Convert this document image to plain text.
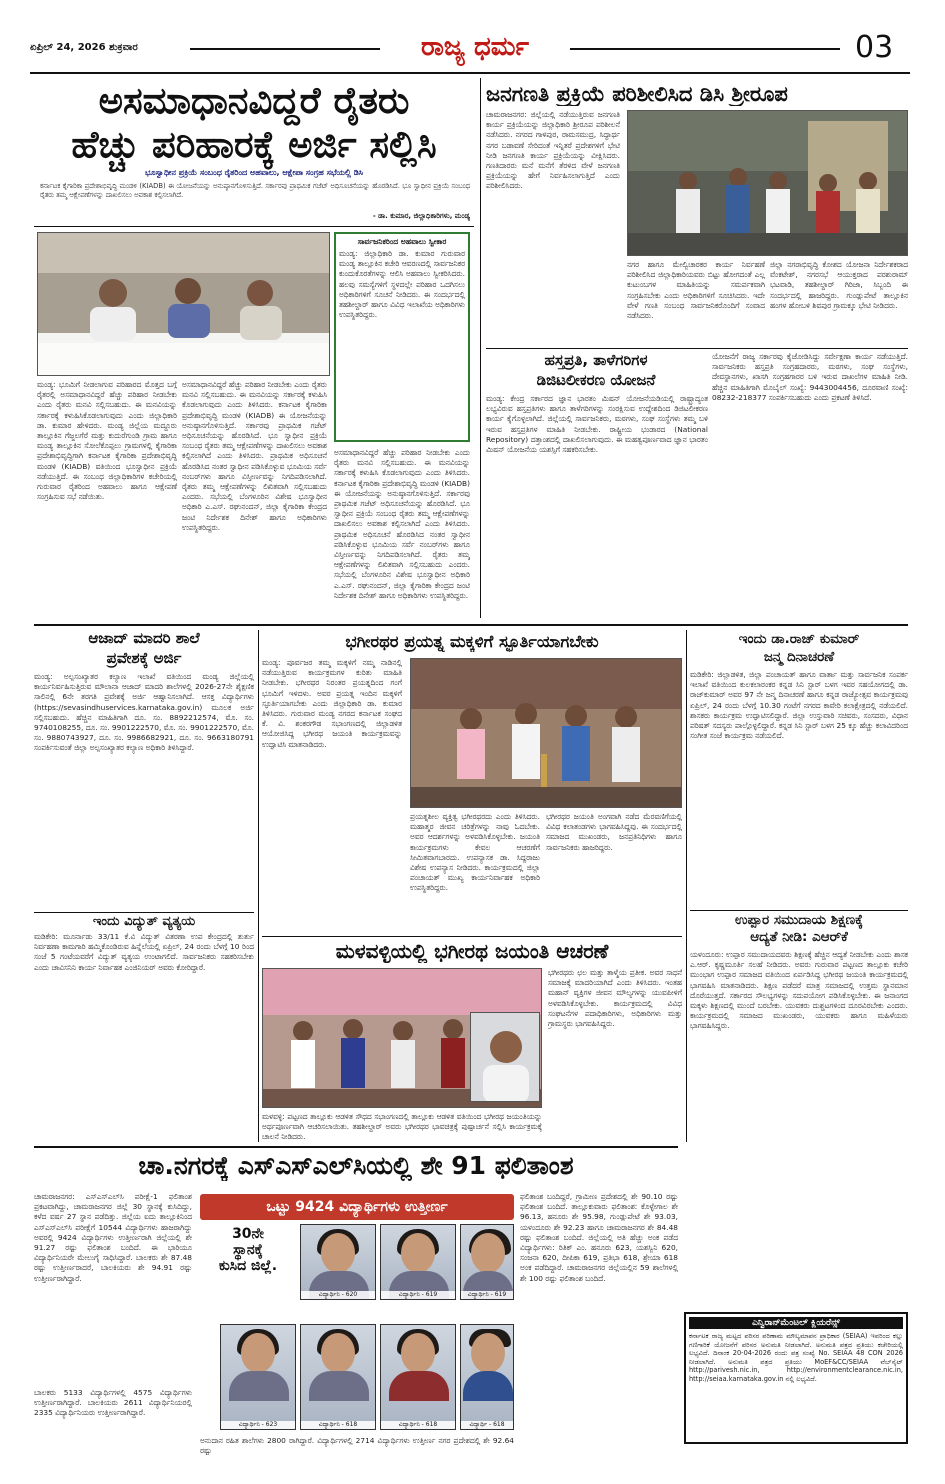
ಏಪ್ರಿಲ್ 24, 2026 ಶುಕ್ರವಾರ	ರಾಜ್ಯ ಧರ್ಮ	03
ಅಸಮಾಧಾನವಿದ್ದರೆ ರೈತರು
ಹೆಚ್ಚು ಪರಿಹಾರಕ್ಕೆ ಅರ್ಜಿ ಸಲ್ಲಿಸಿ
ಭೂಸ್ವಾಧೀನ ಪ್ರಕ್ರಿಯೆ ಸಂಬಂಧ ರೈತರಿಂದ ಅಹವಾಲು, ಆಕ್ಷೇಪಾ ಸಂಗ್ರಹ ಸಭೆಯಲ್ಲಿ ಡಿಸಿ
ಕರ್ನಾಟಕ ಕೈಗಾರಿಕಾ ಪ್ರದೇಶಾಭಿವೃದ್ಧಿ ಮಂಡಳಿ (KIADB) ಈ ಯೋಜನೆಯನ್ನು ಅನುಷ್ಠಾನಗೊಳಿಸುತ್ತಿದೆ. ಸರ್ಕಾರವು ಪ್ರಾಥಮಿಕ ಗಜೆಟ್ ಅಧಿಸೂಚನೆಯನ್ನು ಹೊರಡಿಸಿದೆ. ಭೂ ಸ್ವಾಧೀನ ಪ್ರಕ್ರಿಯೆ ಸಂಬಂಧ ರೈತರು ತಮ್ಮ ಆಕ್ಷೇಪಣೆಗಳನ್ನು ದಾಖಲಿಸಲು ಅವಕಾಶ ಕಲ್ಪಿಸಲಾಗಿದೆ.
- ಡಾ. ಕುಮಾರ, ಜಿಲ್ಲಾಧಿಕಾರಿಗಳು, ಮಂಡ್ಯ
ಸಾರ್ವಜನಿಕರಿಂದ ಅಹವಾಲು ಸ್ವೀಕಾರ
ಮಂಡ್ಯ: ಜಿಲ್ಲಾಧಿಕಾರಿ ಡಾ. ಕುಮಾರ ಗುರುವಾರ ಮಂಡ್ಯ ತಾಲ್ಲೂಕಿನ ಕಚೇರಿ ಆವರಣದಲ್ಲಿ ಸಾರ್ವಜನಿಕರ ಕುಂದುಕೊರತೆಗಳನ್ನು ಆಲಿಸಿ ಅಹವಾಲು ಸ್ವೀಕರಿಸಿದರು. ಹಲವು ಸಮಸ್ಯೆಗಳಿಗೆ ಸ್ಥಳದಲ್ಲೇ ಪರಿಹಾರ ಒದಗಿಸಲು ಅಧಿಕಾರಿಗಳಿಗೆ ಸೂಚನೆ ನೀಡಿದರು. ಈ ಸಂದರ್ಭದಲ್ಲಿ ತಹಶೀಲ್ದಾರ್ ಹಾಗೂ ವಿವಿಧ ಇಲಾಖೆಯ ಅಧಿಕಾರಿಗಳು ಉಪಸ್ಥಿತರಿದ್ದರು.
ಮಂಡ್ಯ: ಭೂಮಿಗೆ ನೀಡಲಾಗುವ ಪರಿಹಾರದ ಮೊತ್ತದ ಬಗ್ಗೆ ರೈತರಲ್ಲಿ ಅಸಮಾಧಾನವಿದ್ದರೆ ಹೆಚ್ಚು ಪರಿಹಾರ ನೀಡಬೇಕು ಎಂದು ರೈತರು ಮನವಿ ಸಲ್ಲಿಸಬಹುದು. ಈ ಮನವಿಯನ್ನು ಸರ್ಕಾರಕ್ಕೆ ಕಳುಹಿಸಿಕೊಡಲಾಗುವುದು ಎಂದು ಜಿಲ್ಲಾಧಿಕಾರಿ ಡಾ. ಕುಮಾರ ಹೇಳಿದರು. ಮಂಡ್ಯ ಜಿಲ್ಲೆಯ ಮದ್ದೂರು ತಾಲ್ಲೂಕಿನ ಗೆಜ್ಜಲಗೆರೆ ಮತ್ತು ಕುದುರೆಗುಂಡಿ ಗ್ರಾಮ ಹಾಗೂ ಮಂಡ್ಯ ತಾಲ್ಲೂಕಿನ ಸೋಲೆಕೊಪ್ಪಲು ಗ್ರಾಮಗಳಲ್ಲಿ ಕೈಗಾರಿಕಾ ಪ್ರದೇಶಾಭಿವೃದ್ಧಿಗಾಗಿ ಕರ್ನಾಟಕ ಕೈಗಾರಿಕಾ ಪ್ರದೇಶಾಭಿವೃದ್ಧಿ ಮಂಡಳಿ (KIADB) ವತಿಯಿಂದ ಭೂಸ್ವಾಧೀನ ಪ್ರಕ್ರಿಯೆ ನಡೆಯುತ್ತಿದೆ. ಈ ಸಂಬಂಧ ಜಿಲ್ಲಾಧಿಕಾರಿಗಳ ಕಚೇರಿಯಲ್ಲಿ ಗುರುವಾರ ರೈತರಿಂದ ಅಹವಾಲು ಹಾಗೂ ಆಕ್ಷೇಪಣೆ ಸಂಗ್ರಹಿಸುವ ಸಭೆ ನಡೆಯಿತು.
ಅಸಮಾಧಾನವಿದ್ದರೆ ಹೆಚ್ಚು ಪರಿಹಾರ ನೀಡಬೇಕು ಎಂದು ರೈತರು ಮನವಿ ಸಲ್ಲಿಸಬಹುದು. ಈ ಮನವಿಯನ್ನು ಸರ್ಕಾರಕ್ಕೆ ಕಳುಹಿಸಿ ಕೊಡಲಾಗುವುದು ಎಂದು ತಿಳಿಸಿದರು. ಕರ್ನಾಟಕ ಕೈಗಾರಿಕಾ ಪ್ರದೇಶಾಭಿವೃದ್ಧಿ ಮಂಡಳಿ (KIADB) ಈ ಯೋಜನೆಯನ್ನು ಅನುಷ್ಠಾನಗೊಳಿಸುತ್ತಿದೆ. ಸರ್ಕಾರವು ಪ್ರಾಥಮಿಕ ಗಜೆಟ್ ಅಧಿಸೂಚನೆಯನ್ನು ಹೊರಡಿಸಿದೆ. ಭೂ ಸ್ವಾಧೀನ ಪ್ರಕ್ರಿಯೆ ಸಂಬಂಧ ರೈತರು ತಮ್ಮ ಆಕ್ಷೇಪಣೆಗಳನ್ನು ದಾಖಲಿಸಲು ಅವಕಾಶ ಕಲ್ಪಿಸಲಾಗಿದೆ ಎಂದು ತಿಳಿಸಿದರು. ಪ್ರಾಥಮಿಕ ಅಧಿಸೂಚನೆ ಹೊರಡಿಸಿದ ನಂತರ ಸ್ವಾಧೀನ ಪಡಿಸಿಕೊಳ್ಳುವ ಭೂಮಿಯ ಸರ್ವೆ ನಂಬರ್‌ಗಳು ಹಾಗೂ ವಿಸ್ತೀರ್ಣವನ್ನು ನಿಗದಿಪಡಿಸಲಾಗಿದೆ. ರೈತರು ತಮ್ಮ ಆಕ್ಷೇಪಣೆಗಳನ್ನು ಲಿಖಿತವಾಗಿ ಸಲ್ಲಿಸಬಹುದು ಎಂದರು. ಸಭೆಯಲ್ಲಿ ಬೆಂಗಳೂರಿನ ವಿಶೇಷ ಭೂಸ್ವಾಧೀನ ಅಧಿಕಾರಿ ಎ.ಎಸ್. ರಘುನಂದನ್, ಜಿಲ್ಲಾ ಕೈಗಾರಿಕಾ ಕೇಂದ್ರದ ಜಂಟಿ ನಿರ್ದೇಶಕ ದಿನೇಶ್ ಹಾಗೂ ಅಧಿಕಾರಿಗಳು ಉಪಸ್ಥಿತರಿದ್ದರು.
ಅಸಮಾಧಾನವಿದ್ದರೆ ಹೆಚ್ಚು ಪರಿಹಾರ ನೀಡಬೇಕು ಎಂದು ರೈತರು ಮನವಿ ಸಲ್ಲಿಸಬಹುದು. ಈ ಮನವಿಯನ್ನು ಸರ್ಕಾರಕ್ಕೆ ಕಳುಹಿಸಿ ಕೊಡಲಾಗುವುದು ಎಂದು ತಿಳಿಸಿದರು. ಕರ್ನಾಟಕ ಕೈಗಾರಿಕಾ ಪ್ರದೇಶಾಭಿವೃದ್ಧಿ ಮಂಡಳಿ (KIADB) ಈ ಯೋಜನೆಯನ್ನು ಅನುಷ್ಠಾನಗೊಳಿಸುತ್ತಿದೆ. ಸರ್ಕಾರವು ಪ್ರಾಥಮಿಕ ಗಜೆಟ್ ಅಧಿಸೂಚನೆಯನ್ನು ಹೊರಡಿಸಿದೆ. ಭೂ ಸ್ವಾಧೀನ ಪ್ರಕ್ರಿಯೆ ಸಂಬಂಧ ರೈತರು ತಮ್ಮ ಆಕ್ಷೇಪಣೆಗಳನ್ನು ದಾಖಲಿಸಲು ಅವಕಾಶ ಕಲ್ಪಿಸಲಾಗಿದೆ ಎಂದು ತಿಳಿಸಿದರು. ಪ್ರಾಥಮಿಕ ಅಧಿಸೂಚನೆ ಹೊರಡಿಸಿದ ನಂತರ ಸ್ವಾಧೀನ ಪಡಿಸಿಕೊಳ್ಳುವ ಭೂಮಿಯ ಸರ್ವೆ ನಂಬರ್‌ಗಳು ಹಾಗೂ ವಿಸ್ತೀರ್ಣವನ್ನು ನಿಗದಿಪಡಿಸಲಾಗಿದೆ. ರೈತರು ತಮ್ಮ ಆಕ್ಷೇಪಣೆಗಳನ್ನು ಲಿಖಿತವಾಗಿ ಸಲ್ಲಿಸಬಹುದು ಎಂದರು. ಸಭೆಯಲ್ಲಿ ಬೆಂಗಳೂರಿನ ವಿಶೇಷ ಭೂಸ್ವಾಧೀನ ಅಧಿಕಾರಿ ಎ.ಎಸ್. ರಘುನಂದನ್, ಜಿಲ್ಲಾ ಕೈಗಾರಿಕಾ ಕೇಂದ್ರದ ಜಂಟಿ ನಿರ್ದೇಶಕ ದಿನೇಶ್ ಹಾಗೂ ಅಧಿಕಾರಿಗಳು ಉಪಸ್ಥಿತರಿದ್ದರು.
ಜನಗಣತಿ ಪ್ರಕ್ರಿಯೆ ಪರಿಶೀಲಿಸಿದ ಡಿಸಿ ಶ್ರೀರೂಪ
ಚಾಮರಾಜನಗರ: ಜಿಲ್ಲೆಯಲ್ಲಿ ನಡೆಯುತ್ತಿರುವ ಜನಗಣತಿ ಕಾರ್ಯ ಪ್ರಕ್ರಿಯೆಯನ್ನು ಜಿಲ್ಲಾಧಿಕಾರಿ ಶ್ರೀರೂಪ ಪರಿಶೀಲನೆ ನಡೆಸಿದರು. ನಗರದ ಗಾಳಿಪುರ, ರಾಮಸಮುದ್ರ, ಸಿದ್ಧಾರ್ಥ ನಗರ ಬಡಾವಣೆ ಸೇರಿದಂತೆ ಇನ್ನಿತರೆ ಪ್ರದೇಶಗಳಿಗೆ ಭೇಟಿ ನೀಡಿ ಜನಗಣತಿ ಕಾರ್ಯ ಪ್ರಕ್ರಿಯೆಯನ್ನು ವೀಕ್ಷಿಸಿದರು. ಗಣತಿದಾರರು ಮನೆ ಮನೆಗೆ ತೆರಳಿದ ವೇಳೆ ಜನಗಣತಿ ಪ್ರಕ್ರಿಯೆಯನ್ನು ಹೇಗೆ ನಿರ್ವಹಿಸಲಾಗುತ್ತಿದೆ ಎಂದು ಪರಿಶೀಲಿಸಿದರು.
ನಗರ ಹಾಗೂ ಮೇಲ್ವಿಚಾರಕರ ಕಾರ್ಯ ನಿರ್ವಹಣೆ ಪರಿಶೀಲಿಸಿದ ಜಿಲ್ಲಾಧಿಕಾರಿಯವರು ಬಿಟ್ಟು ಹೋಗದಂತೆ ಎಲ್ಲ ಕುಟುಂಬಗಳ ಮಾಹಿತಿಯನ್ನು ಸಮರ್ಪಕವಾಗಿ ಸಂಗ್ರಹಿಸಬೇಕು ಎಂದು ಅಧಿಕಾರಿಗಳಿಗೆ ಸೂಚಿಸಿದರು. ಇದೇ ವೇಳೆ ಗಣತಿ ಸಂಬಂಧ ಸಾರ್ವಜನಿಕರೊಂದಿಗೆ ಸಂವಾದ ನಡೆಸಿದರು.
ಜಿಲ್ಲಾ ನಗರಾಭಿವೃದ್ಧಿ ಕೋಶದ ಯೋಜನಾ ನಿರ್ದೇಶಕರಾದ ವೆಂಕಟೇಶ್, ನಗರಸಭೆ ಆಯುಕ್ತರಾದ ಪರಶುರಾಮ್ ಭಟವಾಡಿ, ತಹಶೀಲ್ದಾರ್ ಗಿರಿಜಾ, ಸಿಬ್ಬಂದಿ ಈ ಸಂದರ್ಭದಲ್ಲಿ ಹಾಜರಿದ್ದರು. ಗುಂಡ್ಲುಪೇಟೆ ತಾಲ್ಲೂಕಿನ ಹಂಗಳ ಹೋಬಳಿ ಶಿವಪುರ ಗ್ರಾಮಕ್ಕೂ ಭೇಟಿ ನೀಡಿದರು.
ಹಸ್ತಪ್ರತಿ, ತಾಳೆಗರಿಗಳ
ಡಿಜಿಟಲೀಕರಣ ಯೋಜನೆ
ಮಂಡ್ಯ: ಕೇಂದ್ರ ಸರ್ಕಾರದ ಜ್ಞಾನ ಭಾರತಂ ಮಿಷನ್ ಯೋಜನೆಯಡಿಯಲ್ಲಿ ರಾಷ್ಟ್ರಾದ್ಯಂತ ಲಭ್ಯವಿರುವ ಹಸ್ತಪ್ರತಿಗಳು ಹಾಗೂ ತಾಳೆಗರಿಗಳನ್ನು ಸಂರಕ್ಷಿಸುವ ಉದ್ದೇಶದಿಂದ ಡಿಜಿಟಲೀಕರಣ ಕಾರ್ಯ ಕೈಗೊಳ್ಳಲಾಗಿದೆ. ಜಿಲ್ಲೆಯಲ್ಲಿ ಸಾರ್ವಜನಿಕರು, ಮಠಗಳು, ಸಂಘ ಸಂಸ್ಥೆಗಳು ತಮ್ಮ ಬಳಿ ಇರುವ ಹಸ್ತಪ್ರತಿಗಳ ಮಾಹಿತಿ ನೀಡಬೇಕು. ರಾಷ್ಟ್ರೀಯ ಭಂಡಾರದ (National Repository) ದತ್ತಾಂಶದಲ್ಲಿ ದಾಖಲಿಸಲಾಗುವುದು. ಈ ಮಹತ್ವಪೂರ್ಣವಾದ ಜ್ಞಾನ ಭಾರತಂ ಮಿಷನ್ ಯೋಜನೆಯ ಯಶಸ್ಸಿಗೆ ಸಹಕರಿಸಬೇಕು.
ಯೋಜನೆಗೆ ರಾಜ್ಯ ಸರ್ಕಾರವು ಕೈಜೋಡಿಸಿದ್ದು ಸರ್ವೇಕ್ಷಣಾ ಕಾರ್ಯ ನಡೆಯುತ್ತಿದೆ. ಸಾರ್ವಜನಿಕರು ಹಸ್ತಪ್ರತಿ ಸಂಗ್ರಹದಾರರು, ಮಠಗಳು, ಸಂಘ ಸಂಸ್ಥೆಗಳು, ದೇವಸ್ಥಾನಗಳು, ಖಾಸಗಿ ಸಂಗ್ರಹಗಾರರ ಬಳಿ ಇರುವ ದಾಖಲೆಗಳ ಮಾಹಿತಿ ನೀಡಿ. ಹೆಚ್ಚಿನ ಮಾಹಿತಿಗಾಗಿ ಮೊಬೈಲ್ ಸಂಖ್ಯೆ: 9443004456, ದೂರವಾಣಿ ಸಂಖ್ಯೆ: 08232-218377 ಸಂಪರ್ಕಿಸಬಹುದು ಎಂದು ಪ್ರಕಟಣೆ ತಿಳಿಸಿದೆ.
ಆಜಾದ್ ಮಾದರಿ ಶಾಲೆ
ಪ್ರವೇಶಕ್ಕೆ ಅರ್ಜಿ
ಮಂಡ್ಯ: ಅಲ್ಪಸಂಖ್ಯಾತರ ಕಲ್ಯಾಣ ಇಲಾಖೆ ವತಿಯಿಂದ ಮಂಡ್ಯ ಜಿಲ್ಲೆಯಲ್ಲಿ ಕಾರ್ಯನಿರ್ವಹಿಸುತ್ತಿರುವ ಮೌಲಾನಾ ಆಜಾದ್ ಮಾದರಿ ಶಾಲೆಗಳಲ್ಲಿ 2026-27ನೇ ಶೈಕ್ಷಣಿಕ ಸಾಲಿನಲ್ಲಿ 6ನೇ ತರಗತಿ ಪ್ರವೇಶಕ್ಕೆ ಅರ್ಜಿ ಆಹ್ವಾನಿಸಲಾಗಿದೆ. ಆಸಕ್ತ ವಿದ್ಯಾರ್ಥಿಗಳು (https://sevasindhuservices.karnataka.gov.in) ಮೂಲಕ ಅರ್ಜಿ ಸಲ್ಲಿಸಬಹುದು. ಹೆಚ್ಚಿನ ಮಾಹಿತಿಗಾಗಿ ದೂ. ಸಂ. 8892212574, ಮೊ. ಸಂ. 9740108255, ದೂ. ಸಂ. 9901222570, ಮೊ. ಸಂ. 9901222570, ಮೊ. ಸಂ. 9880743927, ದೂ. ಸಂ. 9986682921, ದೂ. ಸಂ. 9663180791 ಸಂಪರ್ಕಿಸುವಂತೆ ಜಿಲ್ಲಾ ಅಲ್ಪಸಂಖ್ಯಾತರ ಕಲ್ಯಾಣ ಅಧಿಕಾರಿ ತಿಳಿಸಿದ್ದಾರೆ.
ಇಂದು ವಿದ್ಯುತ್ ವ್ಯತ್ಯಯ
ಮಡಿಕೇರಿ: ಮೂರ್ನಾಡು 33/11 ಕೆ.ವಿ ವಿದ್ಯುತ್ ವಿತರಣಾ ಉಪ ಕೇಂದ್ರದಲ್ಲಿ ತುರ್ತು ನಿರ್ವಹಣಾ ಕಾಮಗಾರಿ ಹಮ್ಮಿಕೊಂಡಿರುವ ಹಿನ್ನೆಲೆಯಲ್ಲಿ ಏಪ್ರಿಲ್, 24 ರಂದು ಬೆಳಗ್ಗೆ 10 ರಿಂದ ಸಂಜೆ 5 ಗಂಟೆಯವರೆಗೆ ವಿದ್ಯುತ್ ವ್ಯತ್ಯಯ ಉಂಟಾಗಲಿದೆ. ಸಾರ್ವಜನಿಕರು ಸಹಕರಿಸಬೇಕು ಎಂದು ಚಾವಿಸನಿನಿ ಕಾರ್ಯ ನಿರ್ವಾಹಕ ಎಂಜಿನಿಯರ್ ಅವರು ಕೋರಿದ್ದಾರೆ.
ಭಗೀರಥರ ಪ್ರಯತ್ನ ಮಕ್ಕಳಿಗೆ ಸ್ಫೂರ್ತಿಯಾಗಬೇಕು
ಮಂಡ್ಯ: ಪೂರ್ವಜರ ತಮ್ಮ ಮಕ್ಕಳಿಗೆ ನಮ್ಮ ನಾಡಿನಲ್ಲಿ ನಡೆಯುತ್ತಿರುವ ಕಾರ್ಯಕ್ರಮಗಳ ಕುರಿತು ಮಾಹಿತಿ ನೀಡಬೇಕು. ಭಗೀರಥರ ನಿರಂತರ ಪ್ರಯತ್ನದಿಂದ ಗಂಗೆ ಭೂಮಿಗೆ ಇಳಿದಳು. ಅವರ ಪ್ರಯತ್ನ ಇಂದಿನ ಮಕ್ಕಳಿಗೆ ಸ್ಫೂರ್ತಿಯಾಗಬೇಕು ಎಂದು ಜಿಲ್ಲಾಧಿಕಾರಿ ಡಾ. ಕುಮಾರ ತಿಳಿಸಿದರು. ಗುರುವಾರ ಮಂಡ್ಯ ನಗರದ ಕರ್ನಾಟಕ ಸಂಘದ ಕೆ. ವಿ. ಶಂಕರಗೌಡ ಸಭಾಂಗಣದಲ್ಲಿ ಜಿಲ್ಲಾಡಳಿತ ಆಯೋಜಿಸಿದ್ದ ಭಗೀರಥ ಜಯಂತಿ ಕಾರ್ಯಕ್ರಮವನ್ನು ಉದ್ಘಾಟಿಸಿ ಮಾತನಾಡಿದರು.
ಪ್ರಯತ್ನಶೀಲ ವ್ಯಕ್ತಿತ್ವ ಭಗೀರಥರದು ಎಂದು ತಿಳಿಸಿದರು. ಮಹಾತ್ಮರ ಜೀವನ ಚರಿತ್ರೆಗಳನ್ನು ನಾವು ಓದಬೇಕು. ಅವರ ಆದರ್ಶಗಳನ್ನು ಅಳವಡಿಸಿಕೊಳ್ಳಬೇಕು. ಜಯಂತಿ ಕಾರ್ಯಕ್ರಮಗಳು ಕೇವಲ ಆಚರಣೆಗೆ ಸೀಮಿತವಾಗಬಾರದು. ಉಪನ್ಯಾಸಕ ಡಾ. ಸಿದ್ದರಾಜು ವಿಶೇಷ ಉಪನ್ಯಾಸ ನೀಡಿದರು. ಕಾರ್ಯಕ್ರಮದಲ್ಲಿ ಜಿಲ್ಲಾ ಪಂಚಾಯತ್ ಮುಖ್ಯ ಕಾರ್ಯನಿರ್ವಾಹಕ ಅಧಿಕಾರಿ ಉಪಸ್ಥಿತರಿದ್ದರು.
ಭಗೀರಥರ ಜಯಂತಿ ಅಂಗವಾಗಿ ನಡೆದ ಮೆರವಣಿಗೆಯಲ್ಲಿ ವಿವಿಧ ಕಲಾತಂಡಗಳು ಭಾಗವಹಿಸಿದ್ದವು. ಈ ಸಂದರ್ಭದಲ್ಲಿ ಸಮಾಜದ ಮುಖಂಡರು, ಜನಪ್ರತಿನಿಧಿಗಳು ಹಾಗೂ ಸಾರ್ವಜನಿಕರು ಹಾಜರಿದ್ದರು.
ಮಳವಳ್ಳಿಯಲ್ಲಿ ಭಗೀರಥ ಜಯಂತಿ ಆಚರಣೆ
ಮಳವಳ್ಳಿ: ಪಟ್ಟಣದ ತಾಲ್ಲೂಕು ಆಡಳಿತ ಸೌಧದ ಸಭಾಂಗಣದಲ್ಲಿ ತಾಲ್ಲೂಕು ಆಡಳಿತ ವತಿಯಿಂದ ಭಗೀರಥ ಜಯಂತಿಯನ್ನು ಅರ್ಥಪೂರ್ಣವಾಗಿ ಆಚರಿಸಲಾಯಿತು. ತಹಶೀಲ್ದಾರ್ ಅವರು ಭಗೀರಥರ ಭಾವಚಿತ್ರಕ್ಕೆ ಪುಷ್ಪಾರ್ಚನೆ ಸಲ್ಲಿಸಿ ಕಾರ್ಯಕ್ರಮಕ್ಕೆ ಚಾಲನೆ ನೀಡಿದರು.
ಭಗೀರಥರು ಛಲ ಮತ್ತು ತಾಳ್ಮೆಯ ಪ್ರತೀಕ. ಅವರ ಸಾಧನೆ ಸಮಾಜಕ್ಕೆ ಮಾದರಿಯಾಗಿದೆ ಎಂದು ತಿಳಿಸಿದರು. ಇಂತಹ ಮಹಾನ್ ವ್ಯಕ್ತಿಗಳ ಜೀವನ ಮೌಲ್ಯಗಳನ್ನು ಯುವಪೀಳಿಗೆ ಅಳವಡಿಸಿಕೊಳ್ಳಬೇಕು. ಕಾರ್ಯಕ್ರಮದಲ್ಲಿ ವಿವಿಧ ಸಂಘಟನೆಗಳ ಪದಾಧಿಕಾರಿಗಳು, ಅಧಿಕಾರಿಗಳು ಮತ್ತು ಗ್ರಾಮಸ್ಥರು ಭಾಗವಹಿಸಿದ್ದರು.
ಇಂದು ಡಾ.ರಾಜ್ ಕುಮಾರ್
ಜನ್ಮ ದಿನಾಚರಣೆ
ಮಡಿಕೇರಿ: ಜಿಲ್ಲಾಡಳಿತ, ಜಿಲ್ಲಾ ಪಂಚಾಯತ್ ಹಾಗೂ ವಾರ್ತಾ ಮತ್ತು ಸಾರ್ವಜನಿಕ ಸಂಪರ್ಕ ಇಲಾಖೆ ವತಿಯಿಂದ ಕುಲಕಲಾರಂಕರ ಕನ್ನಡ ಸಿನಿ ಸ್ಟಾರ್ ಬಳಗ ಇವರ ಸಹಯೋಗದಲ್ಲಿ ಡಾ. ರಾಜ್‌ಕುಮಾರ್ ಅವರ 97 ನೇ ಜನ್ಮ ದಿನಾಚರಣೆ ಹಾಗೂ ಕನ್ನಡ ರಾಜ್ಯೋತ್ಸವ ಕಾರ್ಯಕ್ರಮವು ಏಪ್ರಿಲ್, 24 ರಂದು ಬೆಳಗ್ಗೆ 10.30 ಗಂಟೆಗೆ ನಗರದ ಕಾವೇರಿ ಕಲಾಕ್ಷೇತ್ರದಲ್ಲಿ ನಡೆಯಲಿದೆ. ಶಾಸಕರು ಕಾರ್ಯಕ್ರಮ ಉದ್ಘಾಟಿಸಲಿದ್ದಾರೆ. ಜಿಲ್ಲಾ ಉಸ್ತುವಾರಿ ಸಚಿವರು, ಸಂಸದರು, ವಿಧಾನ ಪರಿಷತ್ ಸದಸ್ಯರು ಪಾಲ್ಗೊಳ್ಳಲಿದ್ದಾರೆ. ಕನ್ನಡ ಸಿನಿ ಸ್ಟಾರ್ ಬಳಗ 25 ಕ್ಕೂ ಹೆಚ್ಚು ಕಲಾವಿದರಿಂದ ಸಂಗೀತ ಸಂಜೆ ಕಾರ್ಯಕ್ರಮ ನಡೆಯಲಿದೆ.
ಉಪ್ಪಾರ ಸಮುದಾಯ ಶಿಕ್ಷಣಕ್ಕೆ
ಆದ್ಯತೆ ನೀಡಿ: ಎಆರ್‌ಕೆ
ಯಳಂದೂರು: ಉಪ್ಪಾರ ಸಮುದಾಯದವರು ಶಿಕ್ಷಣಕ್ಕೆ ಹೆಚ್ಚಿನ ಆದ್ಯತೆ ನೀಡಬೇಕು ಎಂದು ಶಾಸಕ ಎ.ಆರ್. ಕೃಷ್ಣಮೂರ್ತಿ ಸಲಹೆ ನೀಡಿದರು. ಅವರು ಗುರುವಾರ ಪಟ್ಟಣದ ತಾಲ್ಲೂಕು ಕಚೇರಿ ಮುಂಭಾಗ ಉಪ್ಪಾರ ಸಮಾಜದ ವತಿಯಿಂದ ಏರ್ಪಡಿಸಿದ್ದ ಭಗೀರಥ ಜಯಂತಿ ಕಾರ್ಯಕ್ರಮದಲ್ಲಿ ಭಾಗವಹಿಸಿ ಮಾತನಾಡಿದರು. ಶಿಕ್ಷಣ ಪಡೆದರೆ ಮಾತ್ರ ಸಮಾಜದಲ್ಲಿ ಉತ್ತಮ ಸ್ಥಾನಮಾನ ದೊರೆಯುತ್ತದೆ. ಸರ್ಕಾರದ ಸೌಲಭ್ಯಗಳನ್ನು ಸದುಪಯೋಗ ಪಡಿಸಿಕೊಳ್ಳಬೇಕು. ಈ ಜನಾಂಗದ ಮಕ್ಕಳು ಶಿಕ್ಷಣದಲ್ಲಿ ಮುಂದೆ ಬರಬೇಕು. ಯುವಕರು ದುಶ್ಚಟಗಳಿಂದ ದೂರವಿರಬೇಕು ಎಂದರು. ಕಾರ್ಯಕ್ರಮದಲ್ಲಿ ಸಮಾಜದ ಮುಖಂಡರು, ಯುವಕರು ಹಾಗೂ ಮಹಿಳೆಯರು ಭಾಗವಹಿಸಿದ್ದರು.
ಚಾ.ನಗರಕ್ಕೆ ಎಸ್‌ಎಸ್‌ಎಲ್‌ಸಿಯಲ್ಲಿ ಶೇ 91 ಫಲಿತಾಂಶ
ಚಾಮರಾಜನಗರ: ಎಸ್‌ಎಸ್‌ಎಲ್‌ಸಿ ಪರೀಕ್ಷೆ-1 ಫಲಿತಾಂಶ ಪ್ರಕಟವಾಗಿದ್ದು, ಚಾಮರಾಜನಗರ ಜಿಲ್ಲೆ 30 ಸ್ಥಾನಕ್ಕೆ ಕುಸಿದಿದ್ದು, ಕಳೆದ ವರ್ಷ 27 ಸ್ಥಾನ ಪಡೆದಿತ್ತು. ಜಿಲ್ಲೆಯ ಐದು ತಾಲ್ಲೂಕಿನಿಂದ ಎಸ್‌ಎಸ್‌ಎಲ್‌ಸಿ ಪರೀಕ್ಷೆಗೆ 10544 ವಿದ್ಯಾರ್ಥಿಗಳು ಹಾಜರಾಗಿದ್ದು ಅವರಲ್ಲಿ 9424 ವಿದ್ಯಾರ್ಥಿಗಳು ಉತ್ತೀರ್ಣರಾಗಿ ಜಿಲ್ಲೆಯಲ್ಲಿ ಶೇ 91.27 ರಷ್ಟು ಫಲಿತಾಂಶ ಬಂದಿದೆ. ಈ ಭಾರಿಯೂ ವಿದ್ಯಾರ್ಥಿನಿಯರೇ ಮೇಲುಗೈ ಸಾಧಿಸಿದ್ದಾರೆ. ಬಾಲಕರು ಶೇ 87.48 ರಷ್ಟು ಉತ್ತೀರ್ಣರಾದರೆ, ಬಾಲಕಿಯರು ಶೇ 94.91 ರಷ್ಟು ಉತ್ತೀರ್ಣರಾಗಿದ್ದಾರೆ.
ಬಾಲಕರು 5133 ವಿದ್ಯಾರ್ಥಿಗಳಲ್ಲಿ 4575 ವಿದ್ಯಾರ್ಥಿಗಳು ಉತ್ತೀರ್ಣರಾಗಿದ್ದಾರೆ. ಬಾಲಕಿಯರು 2611 ವಿದ್ಯಾರ್ಥಿನಿಯರಲ್ಲಿ 2335 ವಿದ್ಯಾರ್ಥಿನಿಯರು ಉತ್ತೀರ್ಣರಾಗಿದ್ದಾರೆ.
ಒಟ್ಟು 9424 ವಿದ್ಯಾರ್ಥಿಗಳು ಉತ್ತೀರ್ಣ
30ನೇ
ಸ್ಥಾನಕ್ಕೆ
ಕುಸಿದ ಜಿಲ್ಲೆ.
ವಿದ್ಯಾರ್ಥಿನಿ - 620	ವಿದ್ಯಾರ್ಥಿನಿ - 619	ವಿದ್ಯಾರ್ಥಿನಿ - 619
ವಿದ್ಯಾರ್ಥಿನಿ - 623	ವಿದ್ಯಾರ್ಥಿನಿ - 618	ವಿದ್ಯಾರ್ಥಿನಿ - 618	ವಿದ್ಯಾರ್ಥಿ - 618
ಅನುದಾನ ರಹಿತ ಶಾಲೆಗಳು 2800 ರಾಗಿದ್ದಾರೆ. ವಿದ್ಯಾರ್ಥಿಗಳಲ್ಲಿ 2714 ವಿದ್ಯಾರ್ಥಿಗಳು ಉತ್ತೀರ್ಣ ನಗರ ಪ್ರದೇಶದಲ್ಲಿ ಶೇ 92.64 ರಷ್ಟು
ಫಲಿತಾಂಶ ಬಂದಿದ್ದರೆ, ಗ್ರಾಮೀಣ ಪ್ರದೇಶದಲ್ಲಿ ಶೇ 90.10 ರಷ್ಟು ಫಲಿತಾಂಶ ಬಂದಿದೆ. ತಾಲ್ಲೂಕುವಾರು ಫಲಿತಾಂಶ: ಕೊಳ್ಳೇಗಾಲ ಶೇ 96.13, ಹನೂರು ಶೇ 95.98, ಗುಂಡ್ಲುಪೇಟೆ ಶೇ 93.03, ಯಳಂದೂರು ಶೇ 92.23 ಹಾಗೂ ಚಾಮರಾಜನಗರ ಶೇ 84.48 ರಷ್ಟು ಫಲಿತಾಂಶ ಬಂದಿದೆ. ಜಿಲ್ಲೆಯಲ್ಲಿ ಅತಿ ಹೆಚ್ಚು ಅಂಕ ಪಡೆದ ವಿದ್ಯಾರ್ಥಿಗಳು: ರಿತಿಕ್ ಎಂ. ಹನೂರು 623, ಯಶಸ್ವಿನಿ 620, ಸಂಜನಾ 620, ದೀಪಿಕಾ 619, ಪ್ರತಿಭಾ 618, ಶ್ರೇಯಾ 618 ಅಂಕ ಪಡೆದಿದ್ದಾರೆ. ಚಾಮರಾಜನಗರ ಜಿಲ್ಲೆಯಲ್ಲಿನ 59 ಶಾಲೆಗಳಲ್ಲಿ ಶೇ 100 ರಷ್ಟು ಫಲಿತಾಂಶ ಬಂದಿದೆ.
ಎನ್ವಿರಾನ್‌ಮೆಂಟಲ್ ಕ್ಲಿಯರೆನ್ಸ್
ಕರ್ನಾಟಕ ರಾಜ್ಯ ಮಟ್ಟದ ಪರಿಸರ ಪರಿಣಾಮ ಮೌಲ್ಯಮಾಪನ ಪ್ರಾಧಿಕಾರ (SEIAA) ಇವರಿಂದ ಕಲ್ಲು ಗಣಿಗಾರಿಕೆ ಯೋಜನೆಗೆ ಪರಿಸರ ಅನುಮತಿ ನೀಡಲಾಗಿದೆ. ಅನುಮತಿ ಪತ್ರದ ಪ್ರತಿಯು ಕಚೇರಿಯಲ್ಲಿ ಲಭ್ಯವಿದೆ. ದಿನಾಂಕ 20-04-2026 ರಂದು ಪತ್ರ ಸಂಖ್ಯೆ No. SEIAA 48 CON 2026 ನೀಡಲಾಗಿದೆ. ಅನುಮತಿ ಪತ್ರದ ಪ್ರತಿಯು MoEF&CC/SEIAA ವೆಬ್‌ಸೈಟ್ http://parivesh.nic.in, http://environmentclearance.nic.in, http://seiaa.karnataka.gov.in ನಲ್ಲಿ ಲಭ್ಯವಿದೆ.
